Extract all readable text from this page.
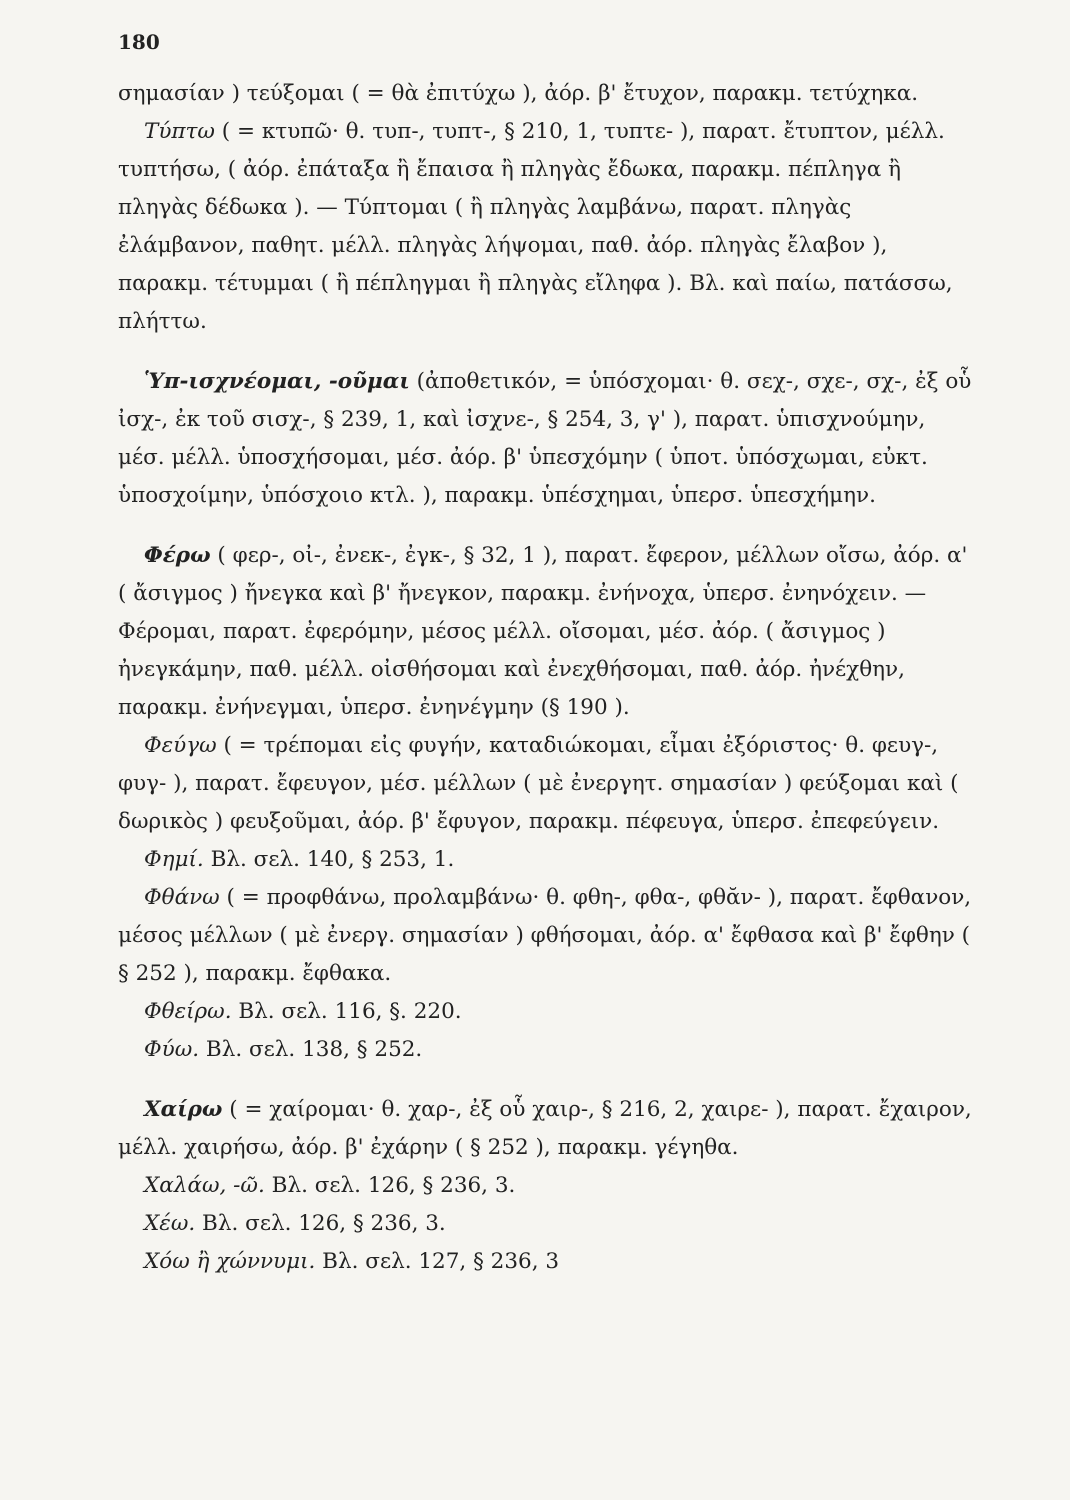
180

σημασίαν ) τεύξομαι ( = θὰ ἐπιτύχω ), ἀόρ. β' ἔτυχον, παρακμ. τετύχηκα.

Τύπτω ( = κτυπῶ· θ. τυπ-, τυπτ-, § 210, 1, τυπτε- ), παρατ. ἔτυπτον, μέλλ. τυπτήσω, ( ἀόρ. ἐπάταξα ἢ ἔπαισα ἢ πληγὰς ἔδωκα, παρακμ. πέπληγα ἢ πληγὰς δέδωκα ). — Τύπτομαι ( ἢ πληγὰς λαμβάνω, παρατ. πληγὰς ἐλάμβανον, παθητ. μέλλ. πληγὰς λήψομαι, παθ. ἀόρ. πληγὰς ἔλαβον ), παρακμ. τέτυμμαι ( ἢ πέπληγμαι ἢ πληγὰς εἴληφα ). Βλ. καὶ παίω, πατάσσω, πλήττω.

Ὑπ-ισχνέομαι, -οῦμαι (ἀποθετικόν, = ὑπόσχομαι· θ. σεχ-, σχε-, σχ-, ἐξ οὗ ἰσχ-, ἐκ τοῦ σισχ-, § 239, 1, καὶ ἰσχνε-, § 254, 3, γ' ), παρατ. ὑπισχνούμην, μέσ. μέλλ. ὑποσχήσομαι, μέσ. ἀόρ. β' ὑπεσχόμην ( ὑποτ. ὑπόσχωμαι, εὐκτ. ὑποσχοίμην, ὑπόσχοιο κτλ. ), παρακμ. ὑπέσχημαι, ὑπερσ. ὑπεσχήμην.

Φέρω ( φερ-, οἰ-, ἐνεκ-, ἐγκ-, § 32, 1 ), παρατ. ἔφερον, μέλλων οἴσω, ἀόρ. α' ( ἄσιγμος ) ἤνεγκα καὶ β' ἤνεγκον, παρακμ. ἐνήνοχα, ὑπερσ. ἐνηνόχειν. — Φέρομαι, παρατ. ἐφερόμην, μέσος μέλλ. οἴσομαι, μέσ. ἀόρ. ( ἄσιγμος ) ἠνεγκάμην, παθ. μέλλ. οἰσθήσομαι καὶ ἐνεχθήσομαι, παθ. ἀόρ. ἠνέχθην, παρακμ. ἐνήνεγμαι, ὑπερσ. ἐνηνέγμην (§ 190 ).

Φεύγω ( = τρέπομαι εἰς φυγήν, καταδιώκομαι, εἶμαι ἐξόριστος· θ. φευγ-, φυγ- ), παρατ. ἔφευγον, μέσ. μέλλων ( μὲ ἐνεργητ. σημασίαν ) φεύξομαι καὶ ( δωρικὸς ) φευξοῦμαι, ἀόρ. β' ἔφυγον, παρακμ. πέφευγα, ὑπερσ. ἐπεφεύγειν.

Φημί. Βλ. σελ. 140, § 253, 1.

Φθάνω ( = προφθάνω, προλαμβάνω· θ. φθη-, φθα-, φθᾰν- ), παρατ. ἔφθανον, μέσος μέλλων ( μὲ ἐνεργ. σημασίαν ) φθήσομαι, ἀόρ. α' ἔφθασα καὶ β' ἔφθην ( § 252 ), παρακμ. ἔφθακα.

Φθείρω. Βλ. σελ. 116, §. 220.

Φύω. Βλ. σελ. 138, § 252.

Χαίρω ( = χαίρομαι· θ. χαρ-, ἐξ οὗ χαιρ-, § 216, 2, χαιρε- ), παρατ. ἔχαιρον, μέλλ. χαιρήσω, ἀόρ. β' ἐχάρην ( § 252 ), παρακμ. γέγηθα.

Χαλάω, -ῶ. Βλ. σελ. 126, § 236, 3.

Χέω. Βλ. σελ. 126, § 236, 3.

Χόω ἢ χώννυμι. Βλ. σελ. 127, § 236, 3
